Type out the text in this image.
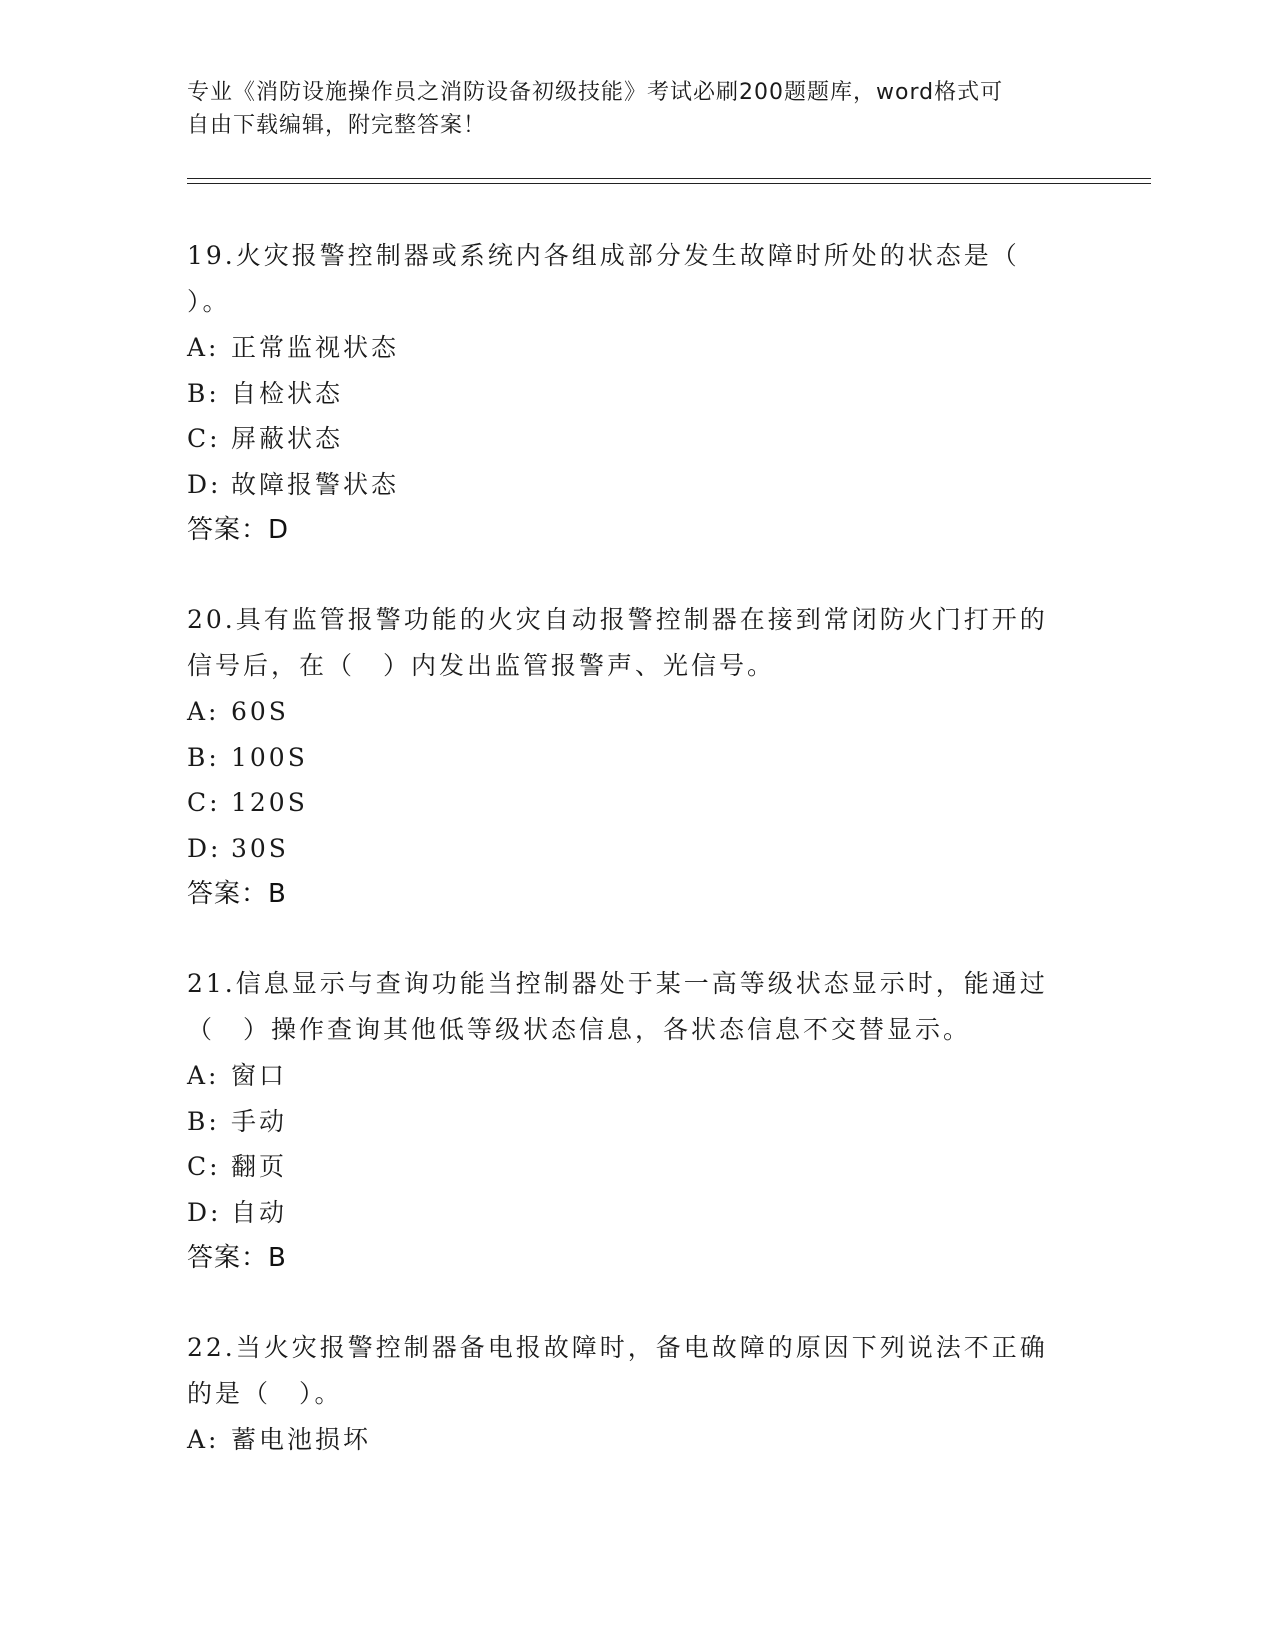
专业《消防设施操作员之消防设备初级技能》考试必刷200题题库，word格式可
自由下载编辑，附完整答案！
19.火灾报警控制器或系统内各组成部分发生故障时所处的状态是（
）。
A: 正常监视状态
B: 自检状态
C: 屏蔽状态
D: 故障报警状态
答案：D
20.具有监管报警功能的火灾自动报警控制器在接到常闭防火门打开的
信号后，在（　）内发出监管报警声、光信号。
A: 60S
B: 100S
C: 120S
D: 30S
答案：B
21.信息显示与查询功能当控制器处于某一高等级状态显示时，能通过
（　）操作查询其他低等级状态信息，各状态信息不交替显示。
A: 窗口
B: 手动
C: 翻页
D: 自动
答案：B
22.当火灾报警控制器备电报故障时，备电故障的原因下列说法不正确
的是（　）。
A: 蓄电池损坏
